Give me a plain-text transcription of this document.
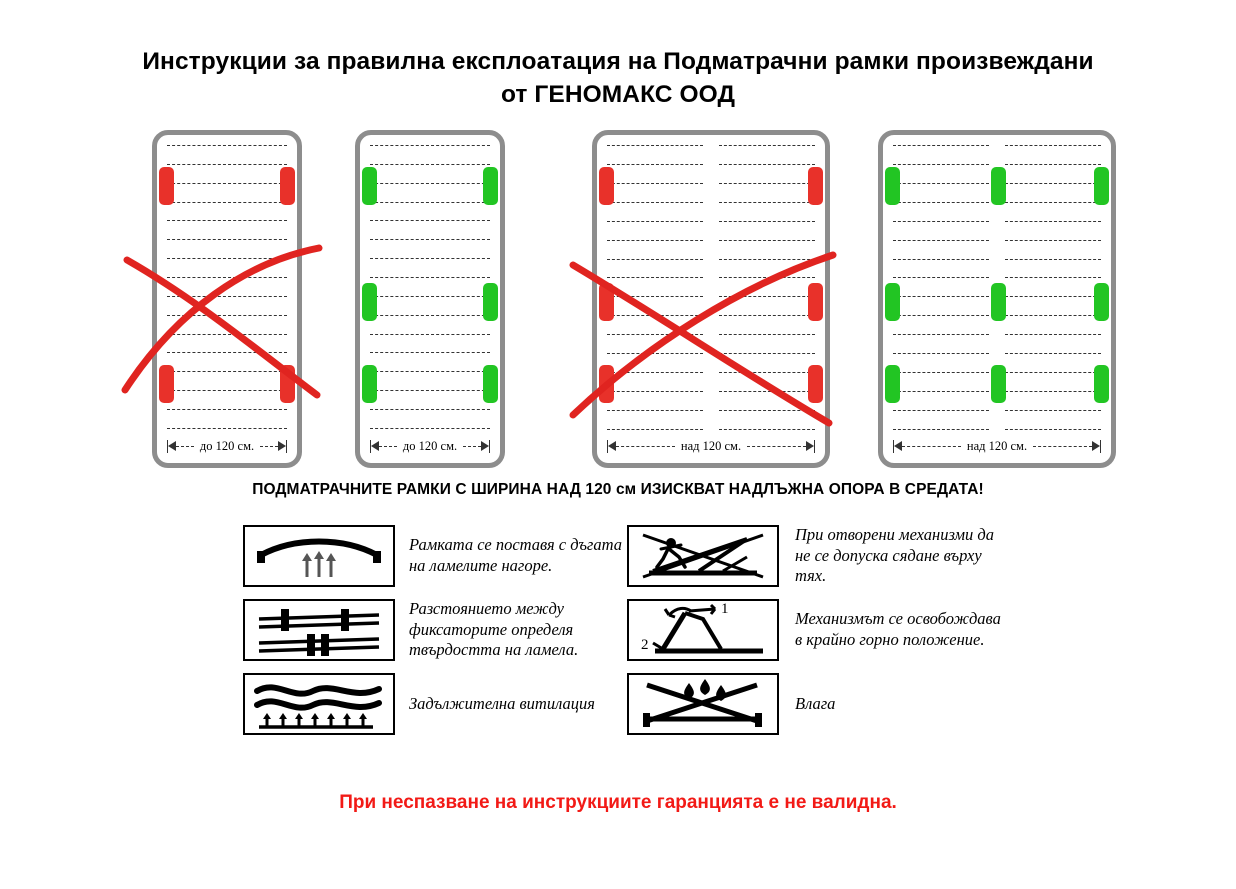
Инструкции за правилна експлоатация на Подматрачни рамки произвеждани
от ГЕНОМАКС ООД
до 120 см.	до 120 см.	над 120 см.	над 120 см.
ПОДМАТРАЧНИТЕ РАМКИ С ШИРИНА НАД 120 см ИЗИСКВАТ НАДЛЪЖНА ОПОРА В СРЕДАТА!
Рамката се поставя с дъгата на ламелите нагоре.
При отворени механизми да не се допуска сядане върху тях.
Разстоянието между фиксаторите определя твърдостта на ламела.
1
2
Механизмът се освобождава в крайно горно положение.
Задължителна витилация	Влага
При неспазване на инструкциите гаранцията е не валидна.
